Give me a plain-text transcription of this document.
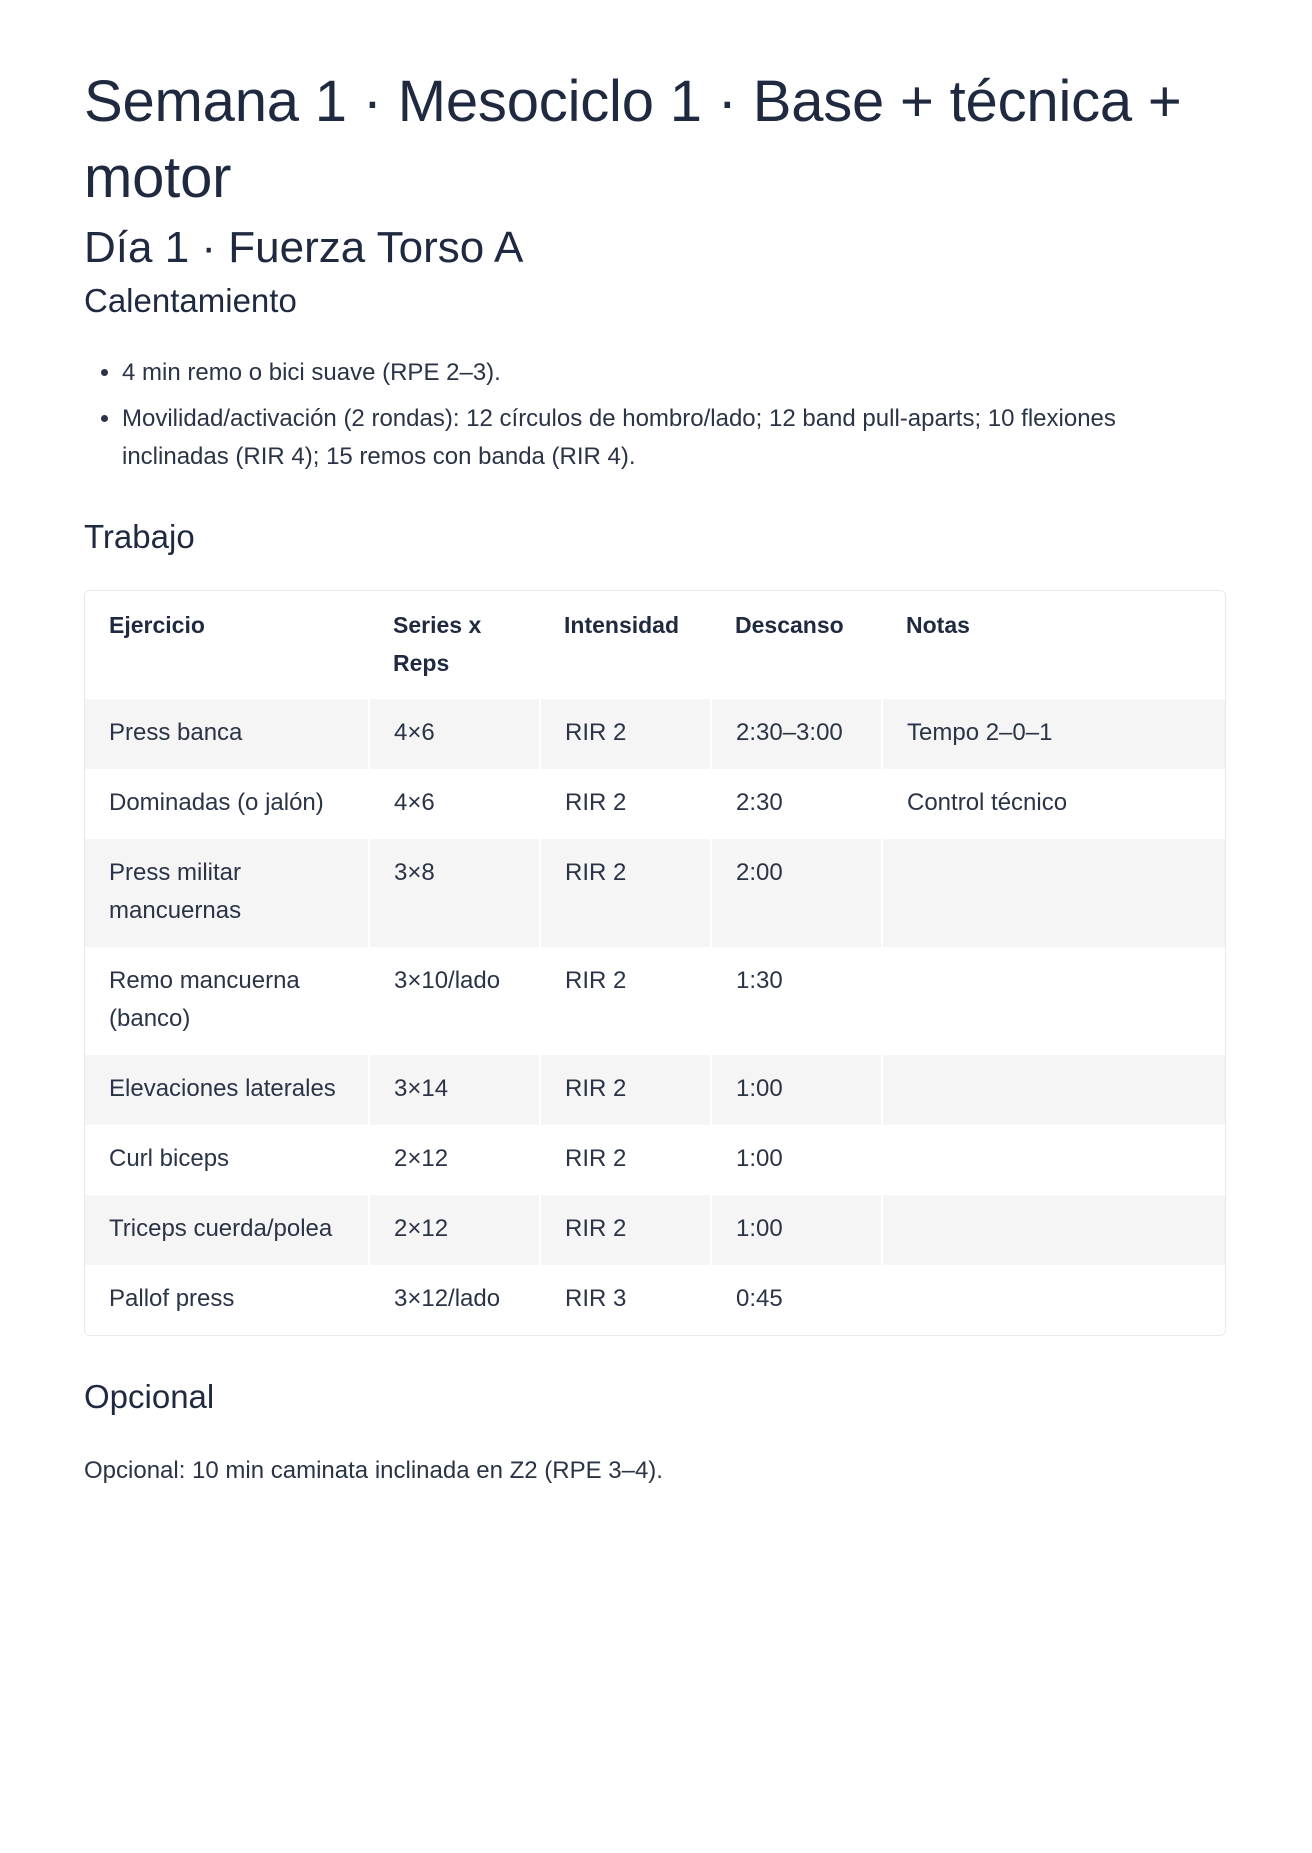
Semana 1 · Mesociclo 1 · Base + técnica + motor
Día 1 · Fuerza Torso A
Calentamiento
• 4 min remo o bici suave (RPE 2–3).
• Movilidad/activación (2 rondas): 12 círculos de hombro/lado; 12 band pull-aparts; 10 flexiones inclinadas (RIR 4); 15 remos con banda (RIR 4).
Trabajo
Ejercicio	Series x Reps	Intensidad	Descanso	Notas
Press banca	4×6	RIR 2	2:30–3:00	Tempo 2–0–1
Dominadas (o jalón)	4×6	RIR 2	2:30	Control técnico
Press militar mancuernas	3×8	RIR 2	2:00	
Remo mancuerna (banco)	3×10/lado	RIR 2	1:30	
Elevaciones laterales	3×14	RIR 2	1:00	
Curl biceps	2×12	RIR 2	1:00	
Triceps cuerda/polea	2×12	RIR 2	1:00	
Pallof press	3×12/lado	RIR 3	0:45	
Opcional

Opcional: 10 min caminata inclinada en Z2 (RPE 3–4).
